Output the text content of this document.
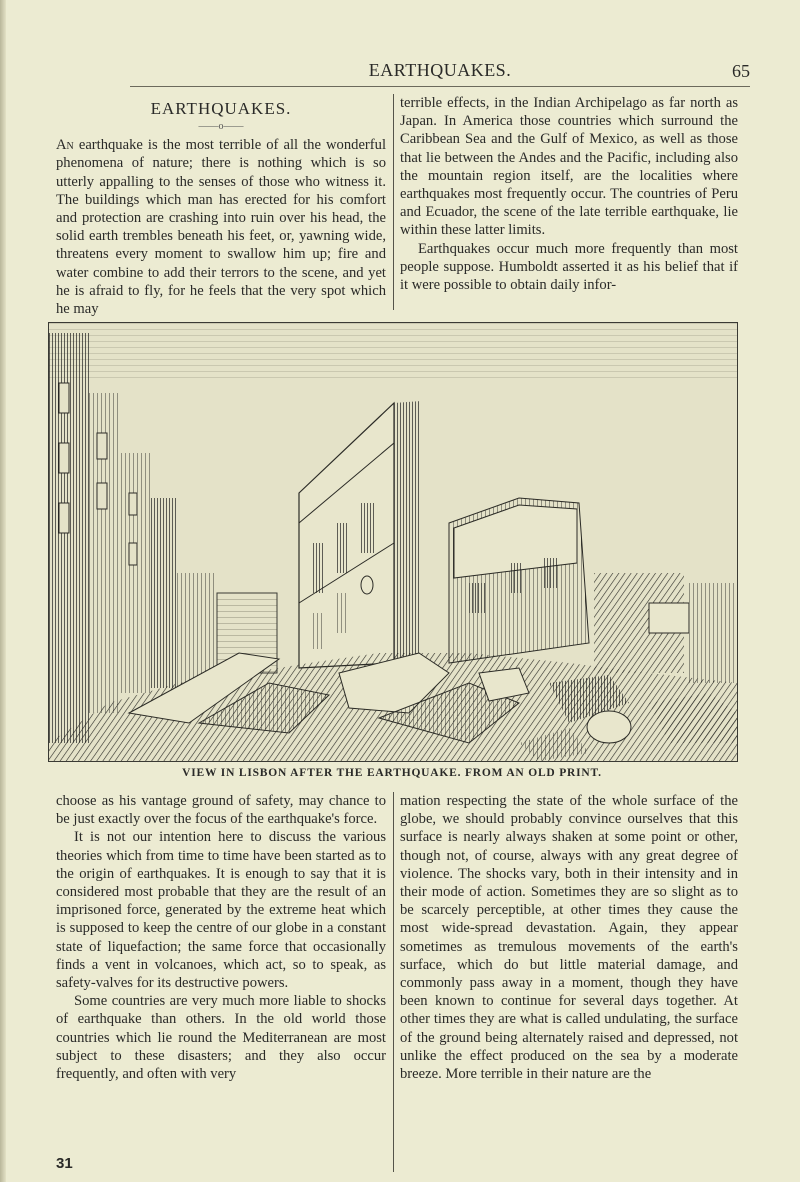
EARTHQUAKES.	65
EARTHQUAKES.
——o——

An earthquake is the most terrible of all the wonderful phenomena of nature; there is nothing which is so utterly appalling to the senses of those who witness it. The buildings which man has erected for his comfort and protection are crashing into ruin over his head, the solid earth trembles beneath his feet, or, yawning wide, threatens every moment to swallow him up; fire and water combine to add their terrors to the scene, and yet he is afraid to fly, for he feels that the very spot which he may

terrible effects, in the Indian Archipelago as far north as Japan. In America those countries which surround the Caribbean Sea and the Gulf of Mexico, as well as those that lie between the Andes and the Pacific, including also the mountain region itself, are the localities where earthquakes most frequently occur. The countries of Peru and Ecuador, the scene of the late terrible earthquake, lie within these latter limits.

Earthquakes occur much more frequently than most people suppose. Humboldt asserted it as his belief that if it were possible to obtain daily infor-

VIEW IN LISBON AFTER THE EARTHQUAKE. FROM AN OLD PRINT.

choose as his vantage ground of safety, may chance to be just exactly over the focus of the earthquake's force.

It is not our intention here to discuss the various theories which from time to time have been started as to the origin of earthquakes. It is enough to say that it is considered most probable that they are the result of an imprisoned force, generated by the extreme heat which is supposed to keep the centre of our globe in a constant state of liquefaction; the same force that occasionally finds a vent in volcanoes, which act, so to speak, as safety-valves for its destructive powers.

Some countries are very much more liable to shocks of earthquake than others. In the old world those countries which lie round the Mediterranean are most subject to these disasters; and they also occur frequently, and often with very

mation respecting the state of the whole surface of the globe, we should probably convince ourselves that this surface is nearly always shaken at some point or other, though not, of course, always with any great degree of violence. The shocks vary, both in their intensity and in their mode of action. Sometimes they are so slight as to be scarcely perceptible, at other times they cause the most wide-spread devastation. Again, they appear sometimes as tremulous movements of the earth's surface, which do but little material damage, and commonly pass away in a moment, though they have been known to continue for several days together. At other times they are what is called undulating, the surface of the ground being alternately raised and depressed, not unlike the effect produced on the sea by a moderate breeze. More terrible in their nature are the

31
